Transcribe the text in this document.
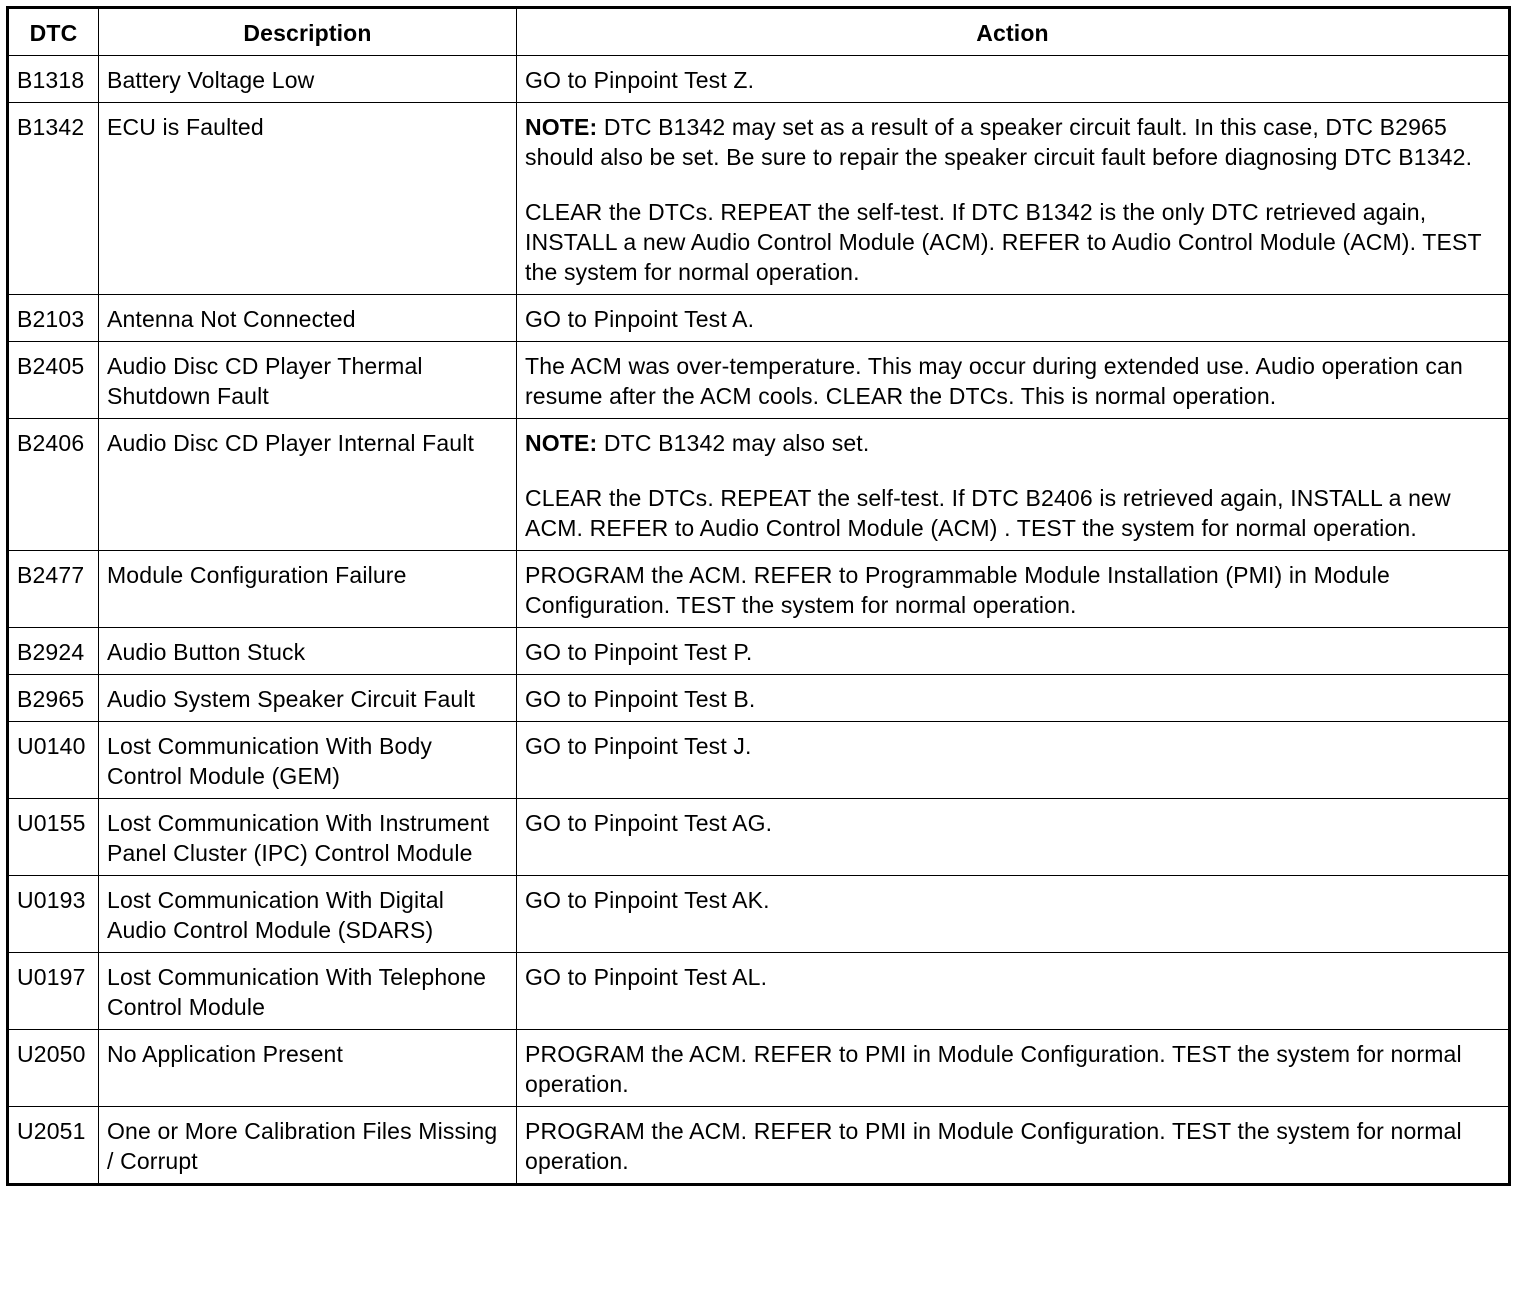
DTC	Description	Action
B1318	Battery Voltage Low	GO to Pinpoint Test Z.

B1342	ECU is Faulted	NOTE: DTC B1342 may set as a result of a speaker circuit fault. In this case, DTC B2965 should also be set. Be sure to repair the speaker circuit fault before diagnosing DTC B1342.

CLEAR the DTCs. REPEAT the self-test. If DTC B1342 is the only DTC retrieved again, INSTALL a new Audio Control Module (ACM). REFER to Audio Control Module (ACM). TEST the system for normal operation.

B2103	Antenna Not Connected	GO to Pinpoint Test A.

B2405	Audio Disc CD Player Thermal Shutdown Fault	The ACM was over-temperature. This may occur during extended use. Audio operation can resume after the ACM cools. CLEAR the DTCs. This is normal operation.

B2406	Audio Disc CD Player Internal Fault	NOTE: DTC B1342 may also set.

CLEAR the DTCs. REPEAT the self-test. If DTC B2406 is retrieved again, INSTALL a new ACM. REFER to Audio Control Module (ACM) . TEST the system for normal operation.

B2477	Module Configuration Failure	PROGRAM the ACM. REFER to Programmable Module Installation (PMI) in Module Configuration. TEST the system for normal operation.

B2924	Audio Button Stuck	GO to Pinpoint Test P.

B2965	Audio System Speaker Circuit Fault	GO to Pinpoint Test B.

U0140	Lost Communication With Body Control Module (GEM)	GO to Pinpoint Test J.

U0155	Lost Communication With Instrument Panel Cluster (IPC) Control Module	GO to Pinpoint Test AG.

U0193	Lost Communication With Digital Audio Control Module (SDARS)	GO to Pinpoint Test AK.

U0197	Lost Communication With Telephone Control Module	GO to Pinpoint Test AL.

U2050	No Application Present	PROGRAM the ACM. REFER to PMI in Module Configuration. TEST the system for normal operation.

U2051	One or More Calibration Files Missing / Corrupt	PROGRAM the ACM. REFER to PMI in Module Configuration. TEST the system for normal operation.
